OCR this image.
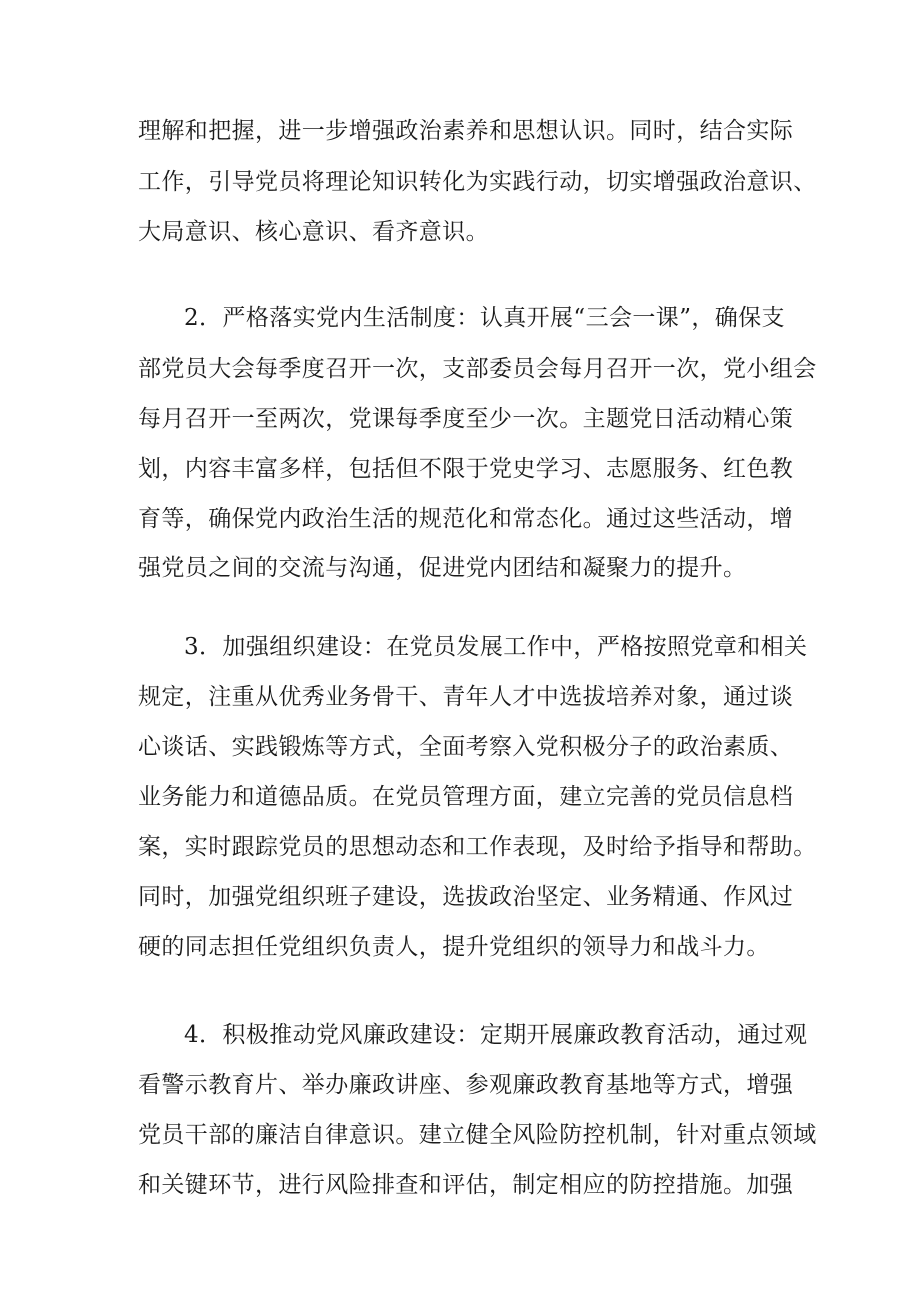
理解和把握，进一步增强政治素养和思想认识。同时，结合实际
工作，引导党员将理论知识转化为实践行动，切实增强政治意识、
大局意识、核心意识、看齐意识。
2．严格落实党内生活制度：认真开展“三会一课”，确保支
部党员大会每季度召开一次，支部委员会每月召开一次，党小组会
每月召开一至两次，党课每季度至少一次。主题党日活动精心策
划，内容丰富多样，包括但不限于党史学习、志愿服务、红色教
育等，确保党内政治生活的规范化和常态化。通过这些活动，增
强党员之间的交流与沟通，促进党内团结和凝聚力的提升。
3．加强组织建设：在党员发展工作中，严格按照党章和相关
规定，注重从优秀业务骨干、青年人才中选拔培养对象，通过谈
心谈话、实践锻炼等方式，全面考察入党积极分子的政治素质、
业务能力和道德品质。在党员管理方面，建立完善的党员信息档
案，实时跟踪党员的思想动态和工作表现，及时给予指导和帮助。
同时，加强党组织班子建设，选拔政治坚定、业务精通、作风过
硬的同志担任党组织负责人，提升党组织的领导力和战斗力。
4．积极推动党风廉政建设：定期开展廉政教育活动，通过观
看警示教育片、举办廉政讲座、参观廉政教育基地等方式，增强
党员干部的廉洁自律意识。建立健全风险防控机制，针对重点领域
和关键环节，进行风险排查和评估，制定相应的防控措施。加强
